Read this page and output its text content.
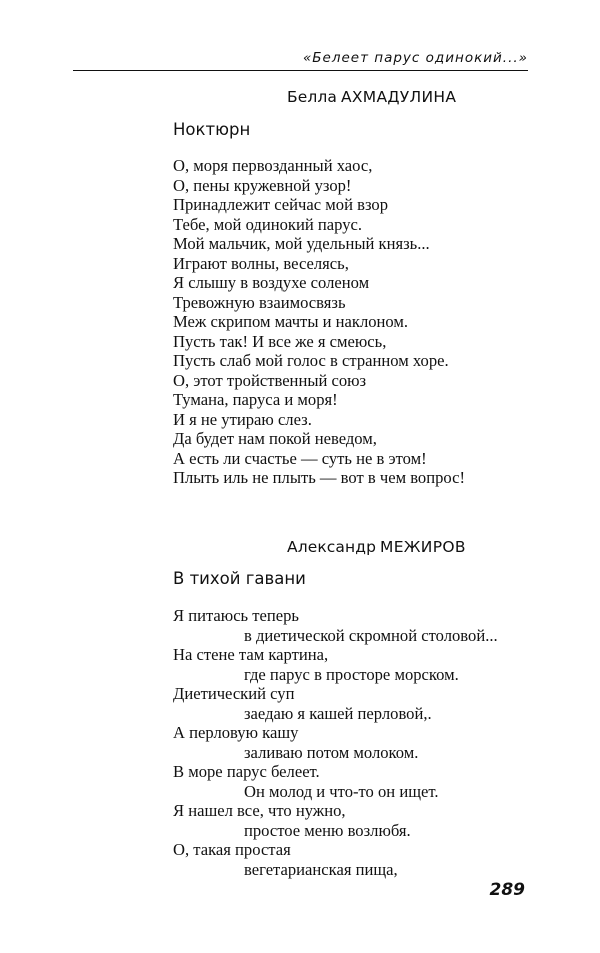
«Белеет парус одинокий...»
Белла АХМАДУЛИНА
Ноктюрн
О, моря первозданный хаос,
О, пены кружевной узор!
Принадлежит сейчас мой взор
Тебе, мой одинокий парус.
Мой мальчик, мой удельный князь...
Играют волны, веселясь,
Я слышу в воздухе соленом
Тревожную взаимосвязь
Меж скрипом мачты и наклоном.
Пусть так! И все же я смеюсь,
Пусть слаб мой голос в странном хоре.
О, этот тройственный союз
Тумана, паруса и моря!
И я не утираю слез.
Да будет нам покой неведом,
А есть ли счастье — суть не в этом!
Плыть иль не плыть — вот в чем вопрос!
Александр МЕЖИРОВ
В тихой гавани
Я питаюсь теперь
в диетической скромной столовой...
На стене там картина,
где парус в просторе морском.
Диетический суп
заедаю я кашей перловой,.
А перловую кашу
заливаю потом молоком.
В море парус белеет.
Он молод и что-то он ищет.
Я нашел все, что нужно,
простое меню возлюбя.
О, такая простая
вегетарианская пища,
289
